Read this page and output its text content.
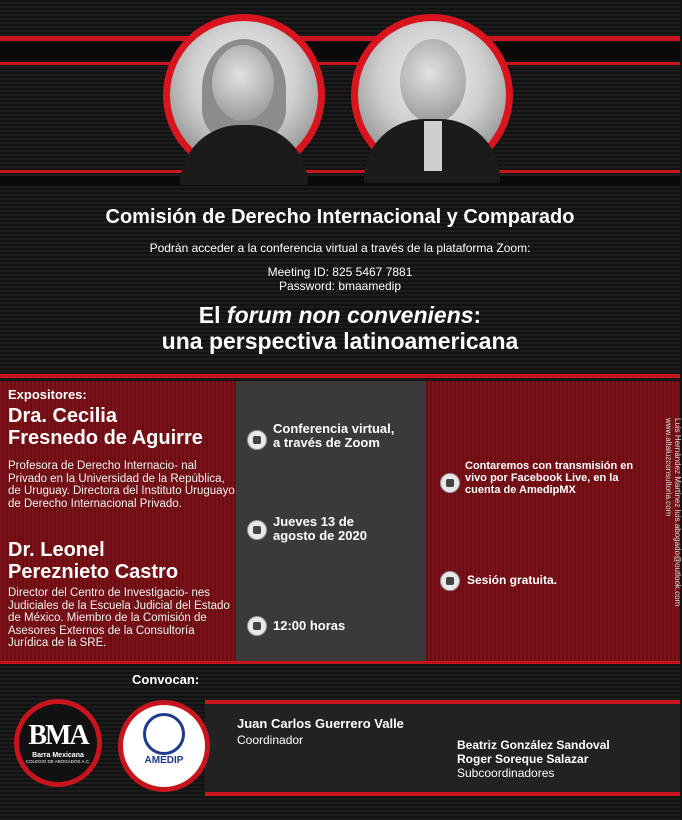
Comisión de Derecho Internacional y Comparado
Podrán acceder a la conferencia virtual a través de la plataforma Zoom:
Meeting ID: 825 5467 7881
Password: bmaamedip
El forum non conveniens:
una perspectiva latinoamericana
Expositores:
Dra. Cecilia
Fresnedo de Aguirre
Profesora de Derecho Internacio- nal Privado en la Universidad de la República, de Uruguay. Directora del Instituto Uruguayo de Derecho Internacional Privado.
Dr. Leonel
Pereznieto Castro
Director del Centro de Investigacio- nes Judiciales de la Escuela Judicial del Estado de México. Miembro de la Comisión de Asesores Externos de la Consultoría Jurídica de la SRE.
Conferencia virtual,
a través de Zoom
Jueves 13 de
agosto de 2020
12:00 horas
Contaremos con transmisión en
vivo por Facebook Live, en la
cuenta de AmedipMX
Sesión gratuita.	Luis Hernández Martínez luis.abogado@outlook.com
www.altaluzconsultoria.com
Convocan:
BMA
Barra Mexicana
COLEGIO DE ABOGADOS A.C.	AMEDIP
Juan Carlos Guerrero Valle
Coordinador	Beatriz González Sandoval
Roger Soreque Salazar
Subcoordinadores
